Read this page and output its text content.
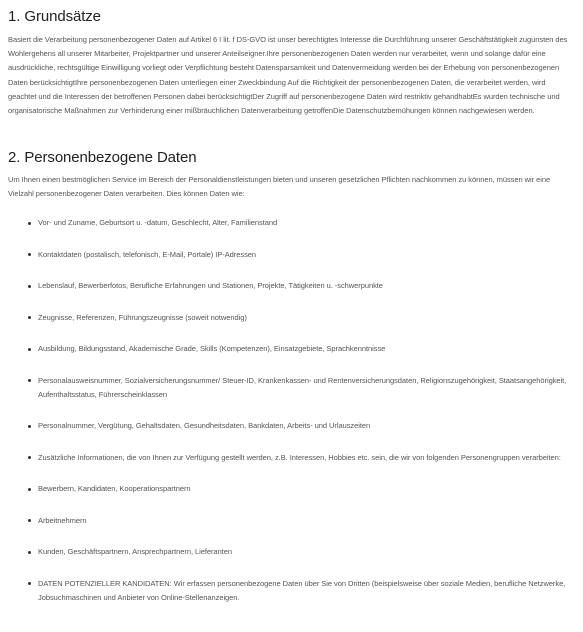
1. Grundsätze

Basiert die Verarbeitung personenbezogener Daten auf Artikel 6 I lit. f DS-GVO ist unser berechtigtes Interesse die Durchführung unserer Geschäftstätigkeit zugunsten des Wohlergehens all unserer Mitarbeiter, Projektpartner und unserer Anteilseigner.Ihre personenbezogenen Daten werden nur verarbeitet, wenn und solange dafür eine ausdrückliche, rechtsgültige Einwilligung vorliegt oder Verpflichtung besteht Datensparsamkeit und Datenvermeidung werden bei der Erhebung von personenbezogenen Daten berücksichtigtIhre personenbezogenen Daten unterliegen einer Zweckbindung Auf die Richtigkeit der personenbezogenen Daten, die verarbeitet werden, wird geachtet und die Interessen der betroffenen Personen dabei berücksichtigtDer Zugriff auf personenbezogene Daten wird restriktiv gehandhabtEs wurden technische und organisatorische Maßnahmen zur Verhinderung einer mißbräuchlichen Datenverarbeitung getroffenDie Datenschutzbemühungen können nachgewiesen werden.

2. Personenbezogene Daten

Um Ihnen einen bestmöglichen Service im Bereich der Personaldienstleistungen bieten und unseren gesetzlichen Pflichten nachkommen zu können, müssen wir eine Vielzahl personenbezogener Daten verarbeiten. Dies können Daten wie:

Vor- und Zuname, Geburtsort u. -datum, Geschlecht, Alter, Familienstand
Kontaktdaten (postalisch, telefonisch, E-Mail, Portale) IP-Adressen
Lebenslauf, Bewerberfotos, Berufliche Erfahrungen und Stationen, Projekte, Tätigkeiten u. -schwerpunkte
Zeugnisse, Referenzen, Führungszeugnisse (soweit notwendig)
Ausbildung, Bildungsstand, Akademische Grade, Skills (Kompetenzen), Einsatzgebiete, Sprachkenntnisse
Personalausweisnummer, Sozialversicherungsnummer/ Steuer-ID, Krankenkassen- und Rentenversicherungsdaten, Religionszugehörigkeit, Staatsangehörigkeit, Aufenthaltsstatus, Führerscheinklassen
Personalnummer, Vergütung, Gehaltsdaten, Gesundheitsdaten, Bankdaten, Arbeits- und Urlauszeiten
Zusätzliche Informationen, die von Ihnen zur Verfügung gestellt werden, z.B. Interessen, Hobbies etc. sein, die wir von folgenden Personengruppen verarbeiten:
Bewerbern, Kandidaten, Kooperationspartnern
Arbeitnehmern
Kunden, Geschäftspartnern, Ansprechpartnern, Lieferanten
DATEN POTENZIELLER KANDIDATEN: Wir erfassen personenbezogene Daten über Sie von Dritten (beispielsweise über soziale Medien, berufliche Netzwerke, Jobsuchmaschinen und Anbieter von Online-Stellenanzeigen.
